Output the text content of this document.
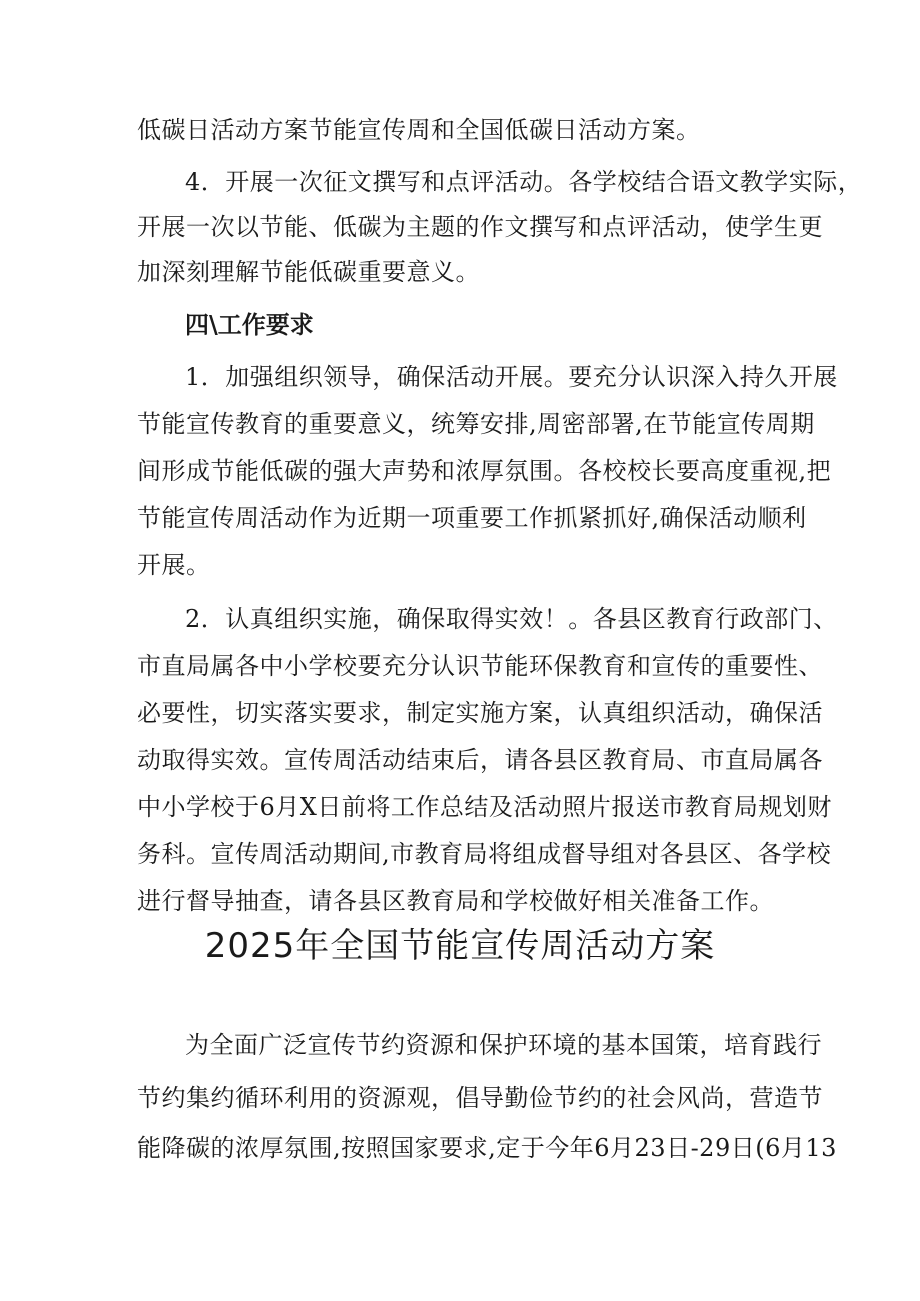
低碳日活动方案节能宣传周和全国低碳日活动方案。
4．开展一次征文撰写和点评活动。各学校结合语文教学实际，
开展一次以节能、低碳为主题的作文撰写和点评活动，使学生更
加深刻理解节能低碳重要意义。
四\工作要求
1．加强组织领导，确保活动开展。要充分认识深入持久开展
节能宣传教育的重要意义，统筹安排,周密部署,在节能宣传周期
间形成节能低碳的强大声势和浓厚氛围。各校校长要高度重视,把
节能宣传周活动作为近期一项重要工作抓紧抓好,确保活动顺利
开展。
2．认真组织实施，确保取得实效！。各县区教育行政部门、
市直局属各中小学校要充分认识节能环保教育和宣传的重要性、
必要性，切实落实要求，制定实施方案，认真组织活动，确保活
动取得实效。宣传周活动结束后，请各县区教育局、市直局属各
中小学校于6月X日前将工作总结及活动照片报送市教育局规划财
务科。宣传周活动期间,市教育局将组成督导组对各县区、各学校
进行督导抽查，请各县区教育局和学校做好相关准备工作。
2025年全国节能宣传周活动方案
为全面广泛宣传节约资源和保护环境的基本国策，培育践行
节约集约循环利用的资源观，倡导勤俭节约的社会风尚，营造节
能降碳的浓厚氛围,按照国家要求,定于今年6月23日-29日(6月13
